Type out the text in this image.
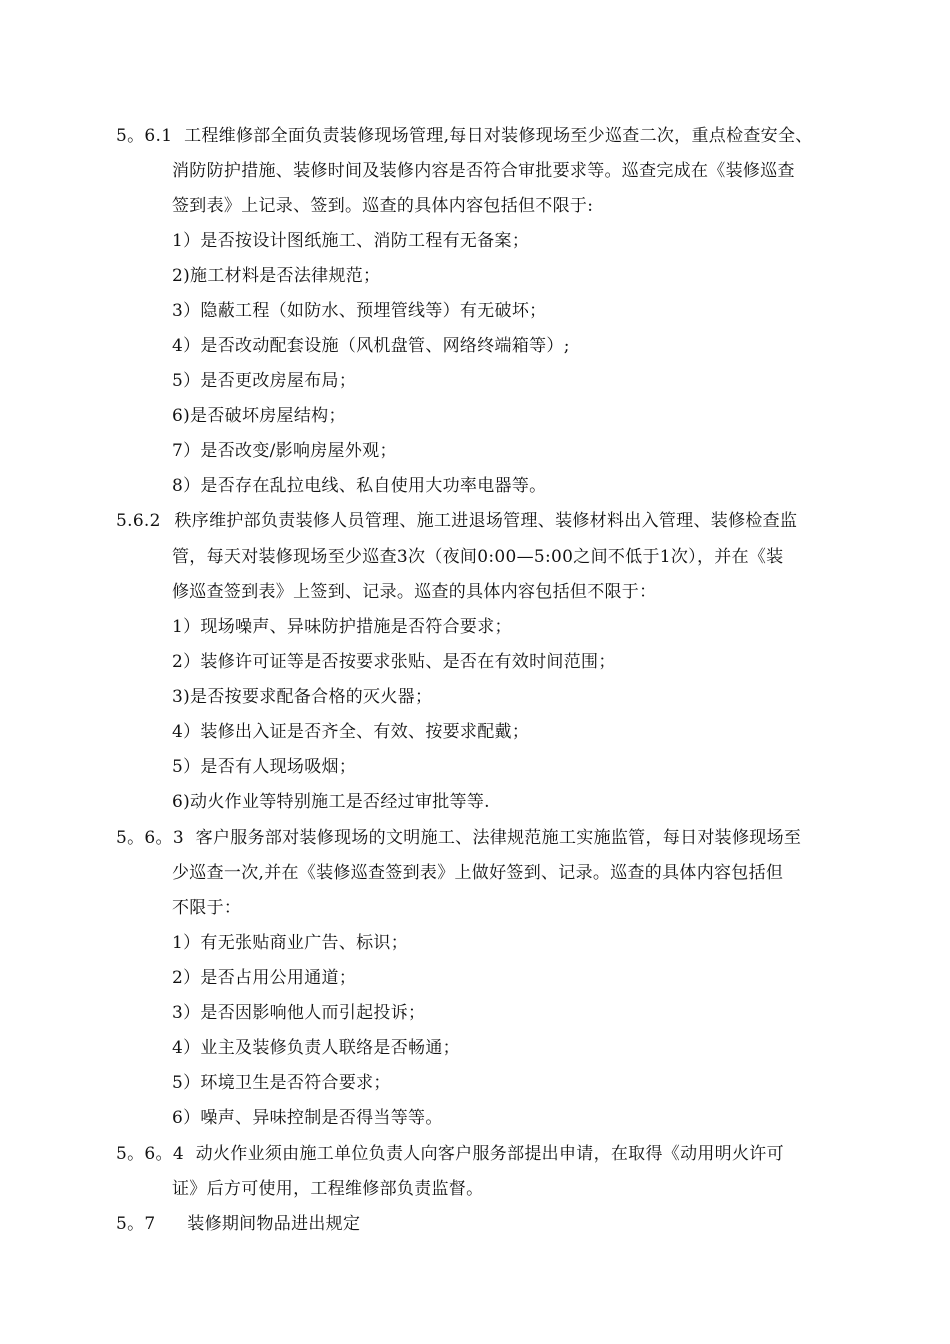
5。6.1 工程维修部全面负责装修现场管理,每日对装修现场至少巡查二次，重点检查安全、
消防防护措施、装修时间及装修内容是否符合审批要求等。巡查完成在《装修巡查
签到表》上记录、签到。巡查的具体内容包括但不限于:
1）是否按设计图纸施工、消防工程有无备案；
2)施工材料是否法律规范；
3）隐蔽工程（如防水、预埋管线等）有无破坏；
4）是否改动配套设施（风机盘管、网络终端箱等）;
5）是否更改房屋布局；
6)是否破坏房屋结构；
7）是否改变/影响房屋外观；
8）是否存在乱拉电线、私自使用大功率电器等。
5.6.2 秩序维护部负责装修人员管理、施工进退场管理、装修材料出入管理、装修检查监
管，每天对装修现场至少巡查3次（夜间0:00—5:00之间不低于1次），并在《装
修巡查签到表》上签到、记录。巡查的具体内容包括但不限于：
1）现场噪声、异味防护措施是否符合要求；
2）装修许可证等是否按要求张贴、是否在有效时间范围；
3)是否按要求配备合格的灭火器；
4）装修出入证是否齐全、有效、按要求配戴；
5）是否有人现场吸烟；
6)动火作业等特别施工是否经过审批等等.
5。6。3 客户服务部对装修现场的文明施工、法律规范施工实施监管，每日对装修现场至
少巡查一次,并在《装修巡查签到表》上做好签到、记录。巡查的具体内容包括但
不限于：
1）有无张贴商业广告、标识；
2）是否占用公用通道；
3）是否因影响他人而引起投诉；
4）业主及装修负责人联络是否畅通；
5）环境卫生是否符合要求；
6）噪声、异味控制是否得当等等。
5。6。4 动火作业须由施工单位负责人向客户服务部提出申请，在取得《动用明火许可
证》后方可使用，工程维修部负责监督。
5。7 装修期间物品进出规定
